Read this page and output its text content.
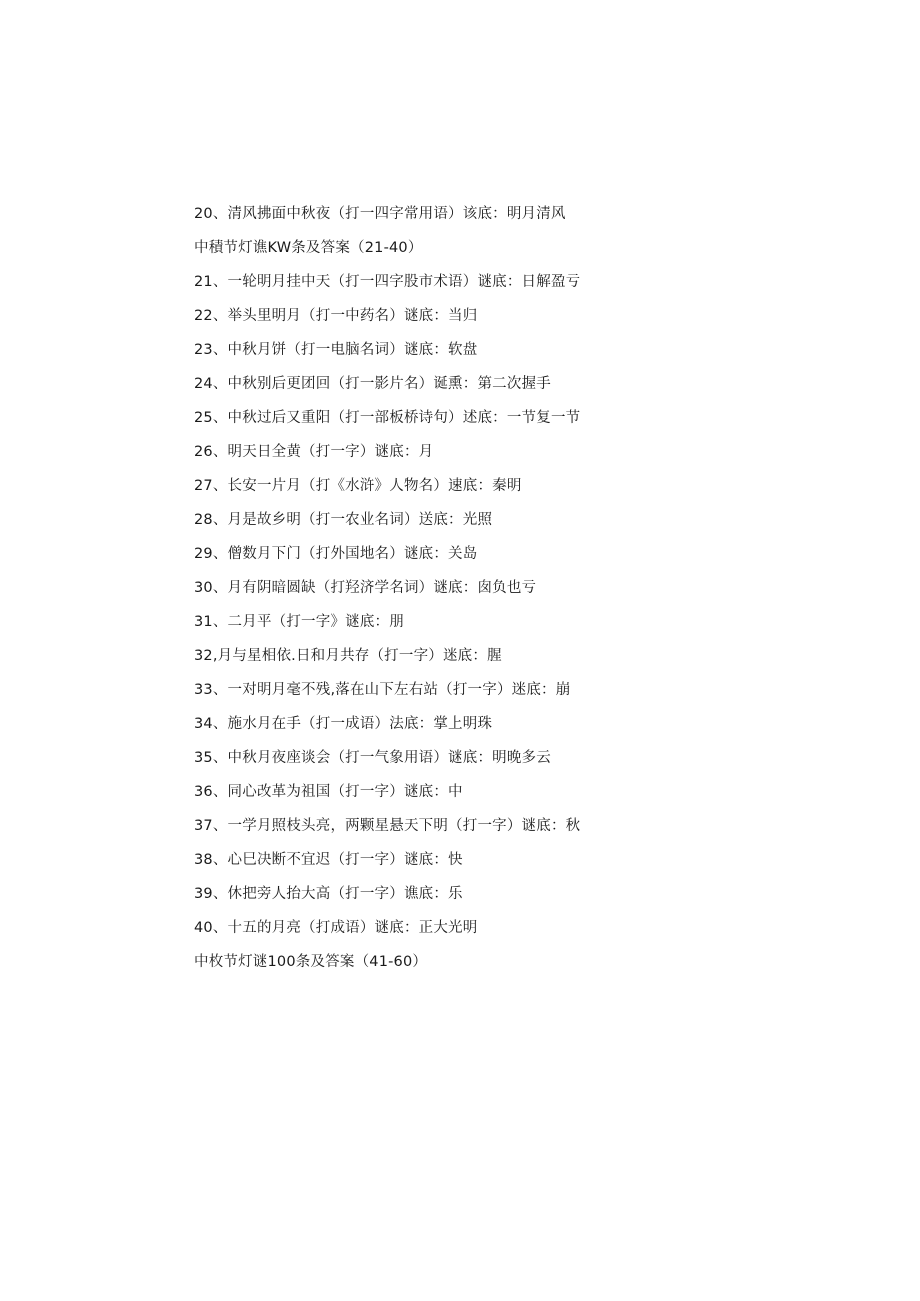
20、清风拂面中秋夜（打一四字常用语）该底：明月清风
中積节灯谯KW条及答案（21-40）
21、一轮明月挂中天（打一四字股市术语）谜底：日解盈亏
22、举头里明月（打一中药名）谜底：当归
23、中秋月饼（打一电脑名词）谜底：软盘
24、中秋别后更团回（打一影片名）诞熏：第二次握手
25、中秋过后又重阳（打一部板桥诗句）述底：一节复一节
26、明天日全黄（打一字）谜底：月
27、长安一片月（打《水浒》人物名）速底：秦明
28、月是故乡明（打一农业名词）送底：光照
29、僧数月下门（打外国地名）谜底：关岛
30、月有阴暗圆缺（打羟济学名词）谜底：囱负也亏
31、二月平（打一字》谜底：朋
32,月与星相依.日和月共存（打一字）迷底：腥
33、一对明月毫不残,落在山下左右站（打一字）迷底：崩
34、施水月在手（打一成语）法底：掌上明珠
35、中秋月夜座谈会（打一气象用语）谜底：明晚多云
36、同心改革为祖国（打一字）谜底：中
37、一学月照枝头亮，两颗星悬天下明（打一字）谜底：秋
38、心巳决断不宜迟（打一字）谜底：快
39、休把旁人抬大高（打一字）谯底：乐
40、十五的月亮（打成语）谜底：正大光明
中枚节灯谜100条及答案（41-60）
